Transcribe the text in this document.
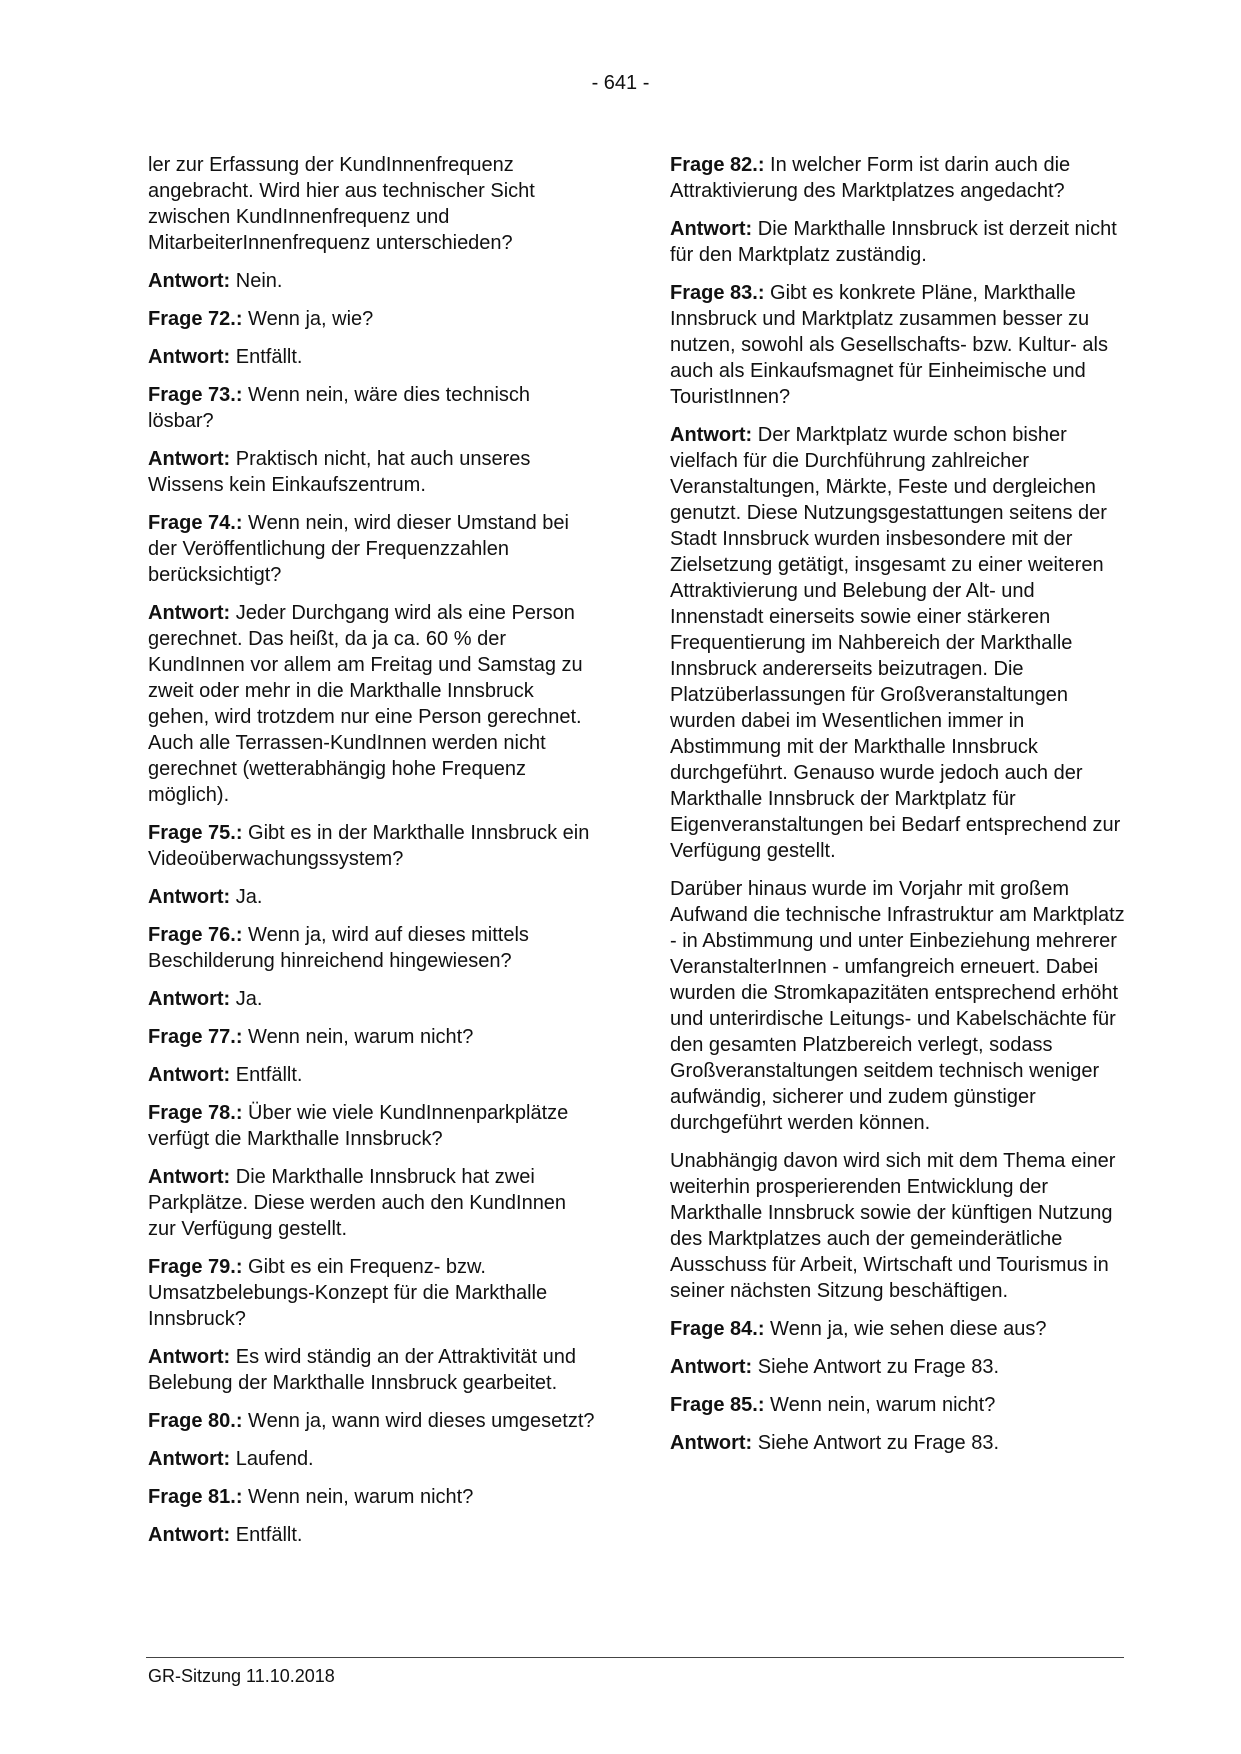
- 641 -

ler zur Erfassung der KundInnenfrequenz angebracht. Wird hier aus technischer Sicht zwischen KundInnenfrequenz und MitarbeiterInnenfrequenz unterschieden?

Antwort: Nein.

Frage 72.: Wenn ja, wie?

Antwort: Entfällt.

Frage 73.: Wenn nein, wäre dies technisch lösbar?

Antwort: Praktisch nicht, hat auch unseres Wissens kein Einkaufszentrum.

Frage 74.: Wenn nein, wird dieser Umstand bei der Veröffentlichung der Frequenzzahlen berücksichtigt?

Antwort: Jeder Durchgang wird als eine Person gerechnet. Das heißt, da ja ca. 60 % der KundInnen vor allem am Freitag und Samstag zu zweit oder mehr in die Markthalle Innsbruck gehen, wird trotzdem nur eine Person gerechnet. Auch alle Terrassen-KundInnen werden nicht gerechnet (wetterabhängig hohe Frequenz möglich).

Frage 75.: Gibt es in der Markthalle Innsbruck ein Videoüberwachungssystem?

Antwort: Ja.

Frage 76.: Wenn ja, wird auf dieses mittels Beschilderung hinreichend hingewiesen?

Antwort: Ja.

Frage 77.: Wenn nein, warum nicht?

Antwort: Entfällt.

Frage 78.: Über wie viele KundInnenparkplätze verfügt die Markthalle Innsbruck?

Antwort: Die Markthalle Innsbruck hat zwei Parkplätze. Diese werden auch den KundInnen zur Verfügung gestellt.

Frage 79.: Gibt es ein Frequenz- bzw. Umsatzbelebungs-Konzept für die Markthalle Innsbruck?

Antwort: Es wird ständig an der Attraktivität und Belebung der Markthalle Innsbruck gearbeitet.

Frage 80.: Wenn ja, wann wird dieses umgesetzt?

Antwort: Laufend.

Frage 81.: Wenn nein, warum nicht?

Antwort: Entfällt.

Frage 82.: In welcher Form ist darin auch die Attraktivierung des Marktplatzes angedacht?

Antwort: Die Markthalle Innsbruck ist derzeit nicht für den Marktplatz zuständig.

Frage 83.: Gibt es konkrete Pläne, Markthalle Innsbruck und Marktplatz zusammen besser zu nutzen, sowohl als Gesellschafts- bzw. Kultur- als auch als Einkaufsmagnet für Einheimische und TouristInnen?

Antwort: Der Marktplatz wurde schon bisher vielfach für die Durchführung zahlreicher Veranstaltungen, Märkte, Feste und dergleichen genutzt. Diese Nutzungsgestattungen seitens der Stadt Innsbruck wurden insbesondere mit der Zielsetzung getätigt, insgesamt zu einer weiteren Attraktivierung und Belebung der Alt- und Innenstadt einerseits sowie einer stärkeren Frequentierung im Nahbereich der Markthalle Innsbruck andererseits beizutragen. Die Platzüberlassungen für Großveranstaltungen wurden dabei im Wesentlichen immer in Abstimmung mit der Markthalle Innsbruck durchgeführt. Genauso wurde jedoch auch der Markthalle Innsbruck der Marktplatz für Eigenveranstaltungen bei Bedarf entsprechend zur Verfügung gestellt.

Darüber hinaus wurde im Vorjahr mit großem Aufwand die technische Infrastruktur am Marktplatz - in Abstimmung und unter Einbeziehung mehrerer VeranstalterInnen - umfangreich erneuert. Dabei wurden die Stromkapazitäten entsprechend erhöht und unterirdische Leitungs- und Kabelschächte für den gesamten Platzbereich verlegt, sodass Großveranstaltungen seitdem technisch weniger aufwändig, sicherer und zudem günstiger durchgeführt werden können.

Unabhängig davon wird sich mit dem Thema einer weiterhin prosperierenden Entwicklung der Markthalle Innsbruck sowie der künftigen Nutzung des Marktplatzes auch der gemeinderätliche Ausschuss für Arbeit, Wirtschaft und Tourismus in seiner nächsten Sitzung beschäftigen.

Frage 84.: Wenn ja, wie sehen diese aus?

Antwort: Siehe Antwort zu Frage 83.

Frage 85.: Wenn nein, warum nicht?

Antwort: Siehe Antwort zu Frage 83.

GR-Sitzung 11.10.2018
